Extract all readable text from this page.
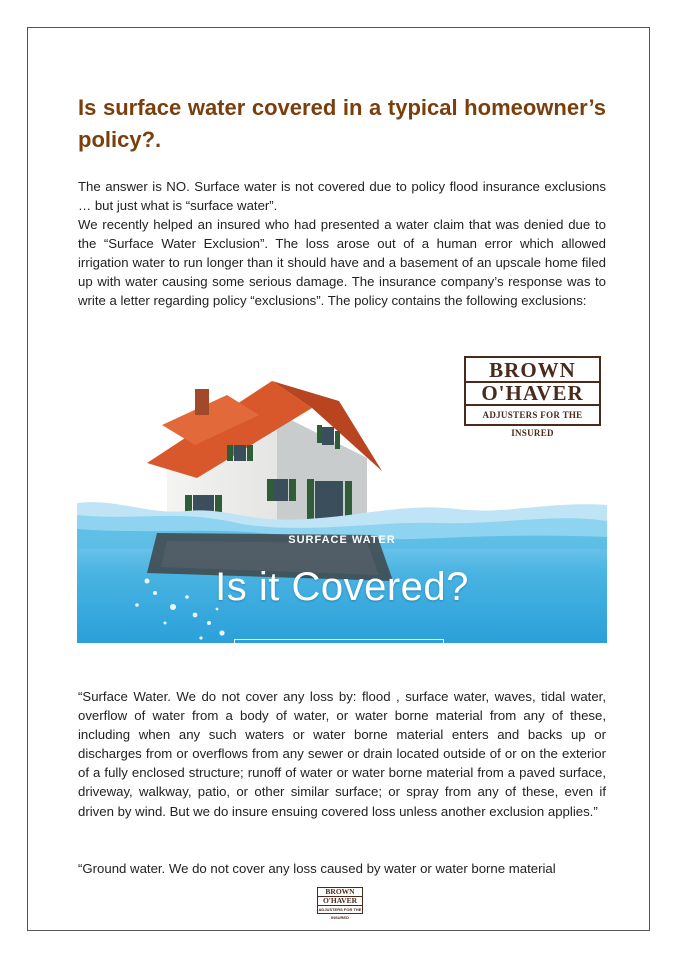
Is surface water covered in a typical homeowner’s policy?.

The answer is NO. Surface water is not covered due to policy flood insurance exclusions … but just what is “surface water”.

We recently helped an insured who had presented a water claim that was denied due to the “Surface Water Exclusion”. The loss arose out of a human error which allowed irrigation water to run longer than it should have and a basement of an upscale home filed up with water causing some serious damage. The insurance company’s response was to write a letter regarding policy “exclusions”. The policy contains the following exclusions:

SURFACE WATER
Is it Covered?
in the Flood Insurance policy?
BROWN
O'HAVER
ADJUSTERS FOR THE INSURED

“Surface Water. We do not cover any loss by: flood , surface water, waves, tidal water, overflow of water from a body of water, or water borne material from any of these, including when any such waters or water borne material enters and backs up or discharges from or overflows from any sewer or drain located outside of or on the exterior of a fully enclosed structure; runoff of water or water borne material from a paved surface, driveway, walkway, patio, or other similar surface; or spray from any of these, even if driven by wind. But we do insure ensuing covered loss unless another exclusion applies.”

“Ground water. We do not cover any loss caused by water or water borne material

BROWN
O'HAVER
ADJUSTERS FOR THE INSURED
